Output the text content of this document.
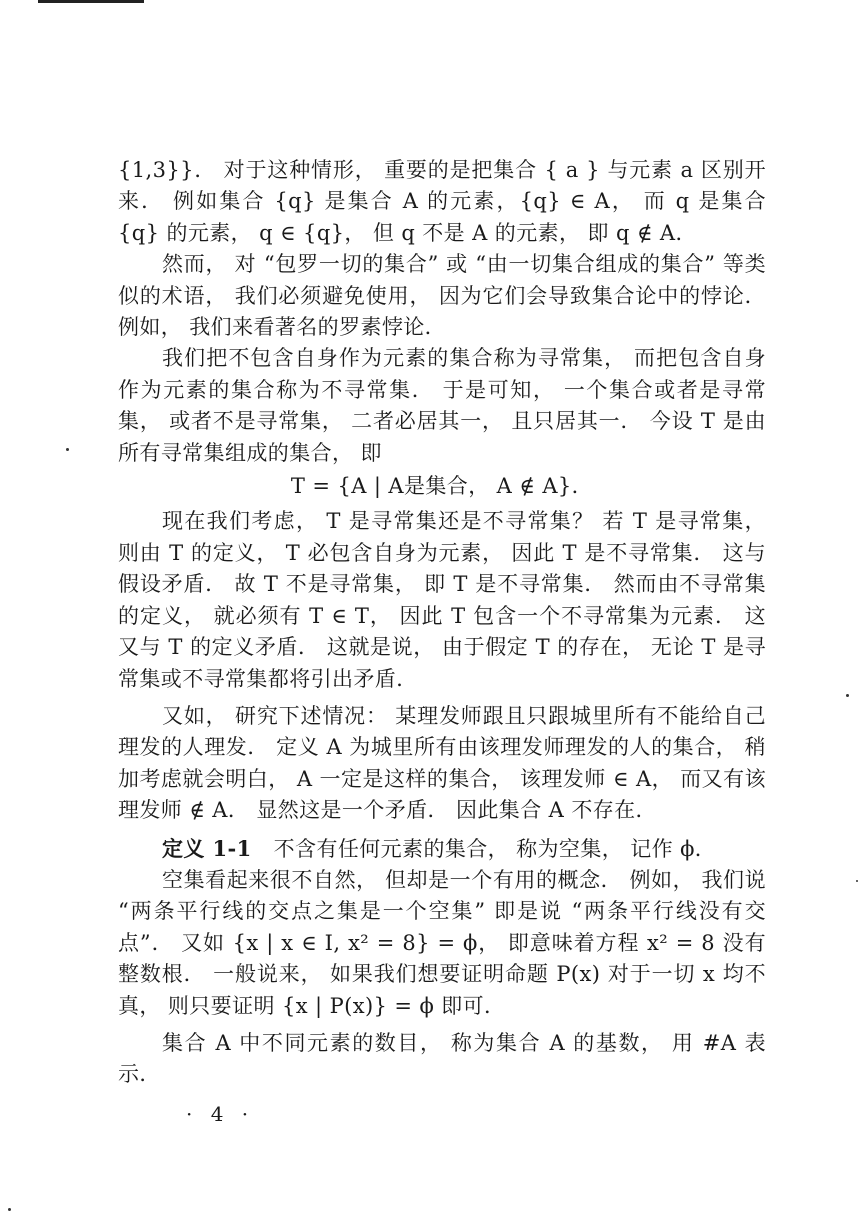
{1,3}}． 对于这种情形， 重要的是把集合 { a } 与元素 a 区别开来． 例如集合 {q} 是集合 A 的元素，{q} ∈ A， 而 q 是集合 {q} 的元素， q ∈ {q}， 但 q 不是 A 的元素， 即 q ∉ A．

然而， 对 “包罗一切的集合” 或 “由一切集合组成的集合” 等类似的术语， 我们必须避免使用， 因为它们会导致集合论中的悖论． 例如， 我们来看著名的罗素悖论．

我们把不包含自身作为元素的集合称为寻常集， 而把包含自身作为元素的集合称为不寻常集． 于是可知， 一个集合或者是寻常集， 或者不是寻常集， 二者必居其一， 且只居其一． 今设 T 是由所有寻常集组成的集合， 即

T = {A | A是集合， A ∉ A}．

现在我们考虑， T 是寻常集还是不寻常集？ 若 T 是寻常集， 则由 T 的定义， T 必包含自身为元素， 因此 T 是不寻常集． 这与假设矛盾． 故 T 不是寻常集， 即 T 是不寻常集． 然而由不寻常集的定义， 就必须有 T ∈ T， 因此 T 包含一个不寻常集为元素． 这又与 T 的定义矛盾． 这就是说， 由于假定 T 的存在， 无论 T 是寻常集或不寻常集都将引出矛盾．

又如， 研究下述情况： 某理发师跟且只跟城里所有不能给自己理发的人理发． 定义 A 为城里所有由该理发师理发的人的集合， 稍加考虑就会明白， A 一定是这样的集合， 该理发师 ∈ A， 而又有该理发师 ∉ A． 显然这是一个矛盾． 因此集合 A 不存在．

定义 1-1 不含有任何元素的集合， 称为空集， 记作 ϕ．

空集看起来很不自然， 但却是一个有用的概念． 例如， 我们说 “两条平行线的交点之集是一个空集” 即是说 “两条平行线没有交点”． 又如 {x | x ∈ I, x² = 8} = ϕ， 即意味着方程 x² = 8 没有整数根． 一般说来， 如果我们想要证明命题 P(x) 对于一切 x 均不真， 则只要证明 {x | P(x)} = ϕ 即可．

集合 A 中不同元素的数目， 称为集合 A 的基数， 用 #A 表示．

· 4 ·
